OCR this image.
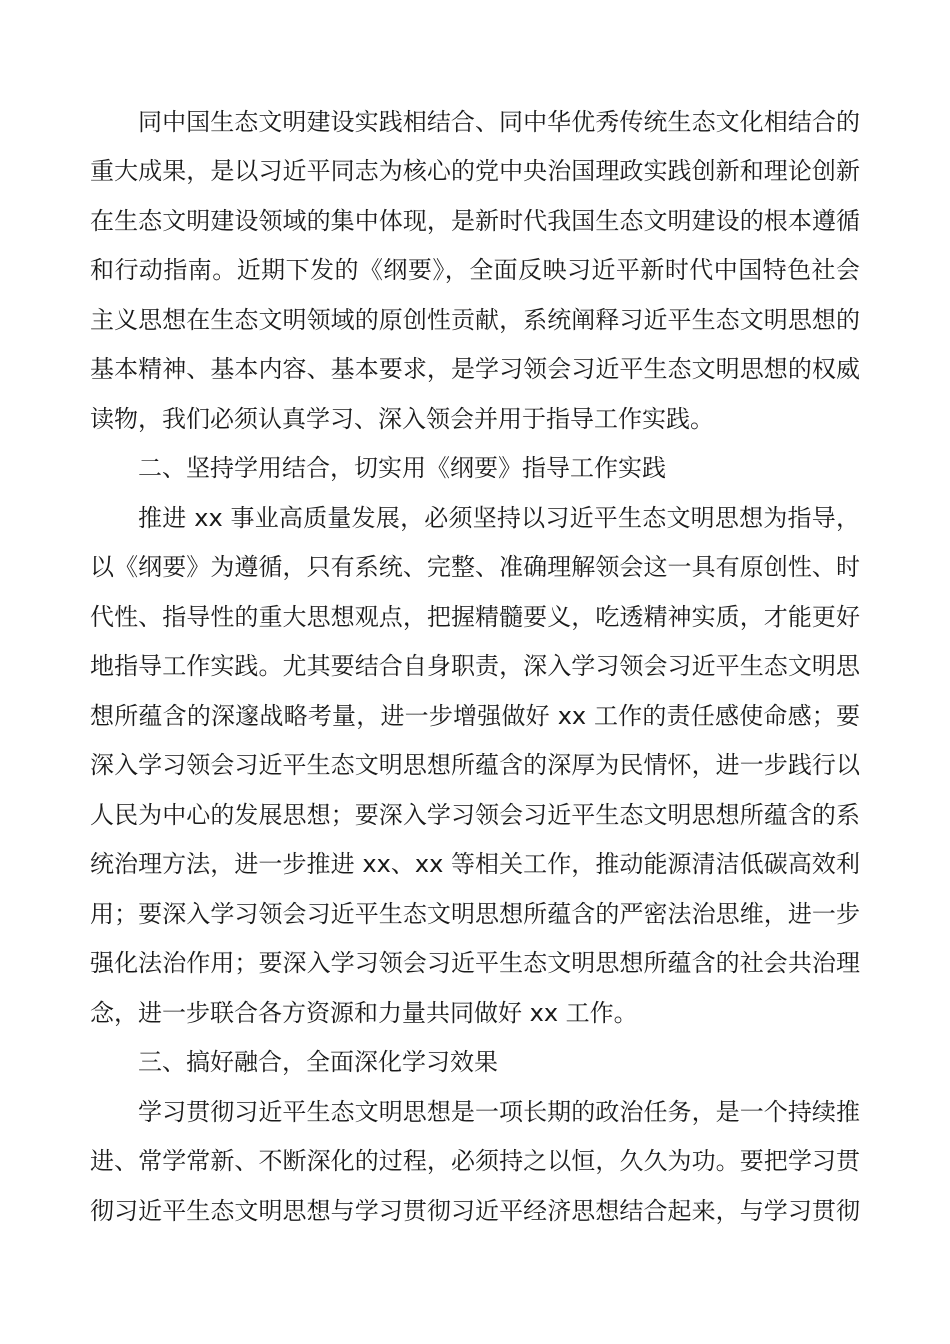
同中国生态文明建设实践相结合、同中华优秀传统生态文化相结合的

重大成果，是以习近平同志为核心的党中央治国理政实践创新和理论创新

在生态文明建设领域的集中体现，是新时代我国生态文明建设的根本遵循

和行动指南。近期下发的《纲要》，全面反映习近平新时代中国特色社会

主义思想在生态文明领域的原创性贡献，系统阐释习近平生态文明思想的

基本精神、基本内容、基本要求，是学习领会习近平生态文明思想的权威

读物，我们必须认真学习、深入领会并用于指导工作实践。

二、坚持学用结合，切实用《纲要》指导工作实践

推进 xx 事业高质量发展，必须坚持以习近平生态文明思想为指导，

以《纲要》为遵循，只有系统、完整、准确理解领会这一具有原创性、时

代性、指导性的重大思想观点，把握精髓要义，吃透精神实质，才能更好

地指导工作实践。尤其要结合自身职责，深入学习领会习近平生态文明思

想所蕴含的深邃战略考量，进一步增强做好 xx 工作的责任感使命感；要

深入学习领会习近平生态文明思想所蕴含的深厚为民情怀，进一步践行以

人民为中心的发展思想；要深入学习领会习近平生态文明思想所蕴含的系

统治理方法，进一步推进 xx、xx 等相关工作，推动能源清洁低碳高效利

用；要深入学习领会习近平生态文明思想所蕴含的严密法治思维，进一步

强化法治作用；要深入学习领会习近平生态文明思想所蕴含的社会共治理

念，进一步联合各方资源和力量共同做好 xx 工作。

三、搞好融合，全面深化学习效果

学习贯彻习近平生态文明思想是一项长期的政治任务，是一个持续推

进、常学常新、不断深化的过程，必须持之以恒，久久为功。要把学习贯

彻习近平生态文明思想与学习贯彻习近平经济思想结合起来，与学习贯彻
